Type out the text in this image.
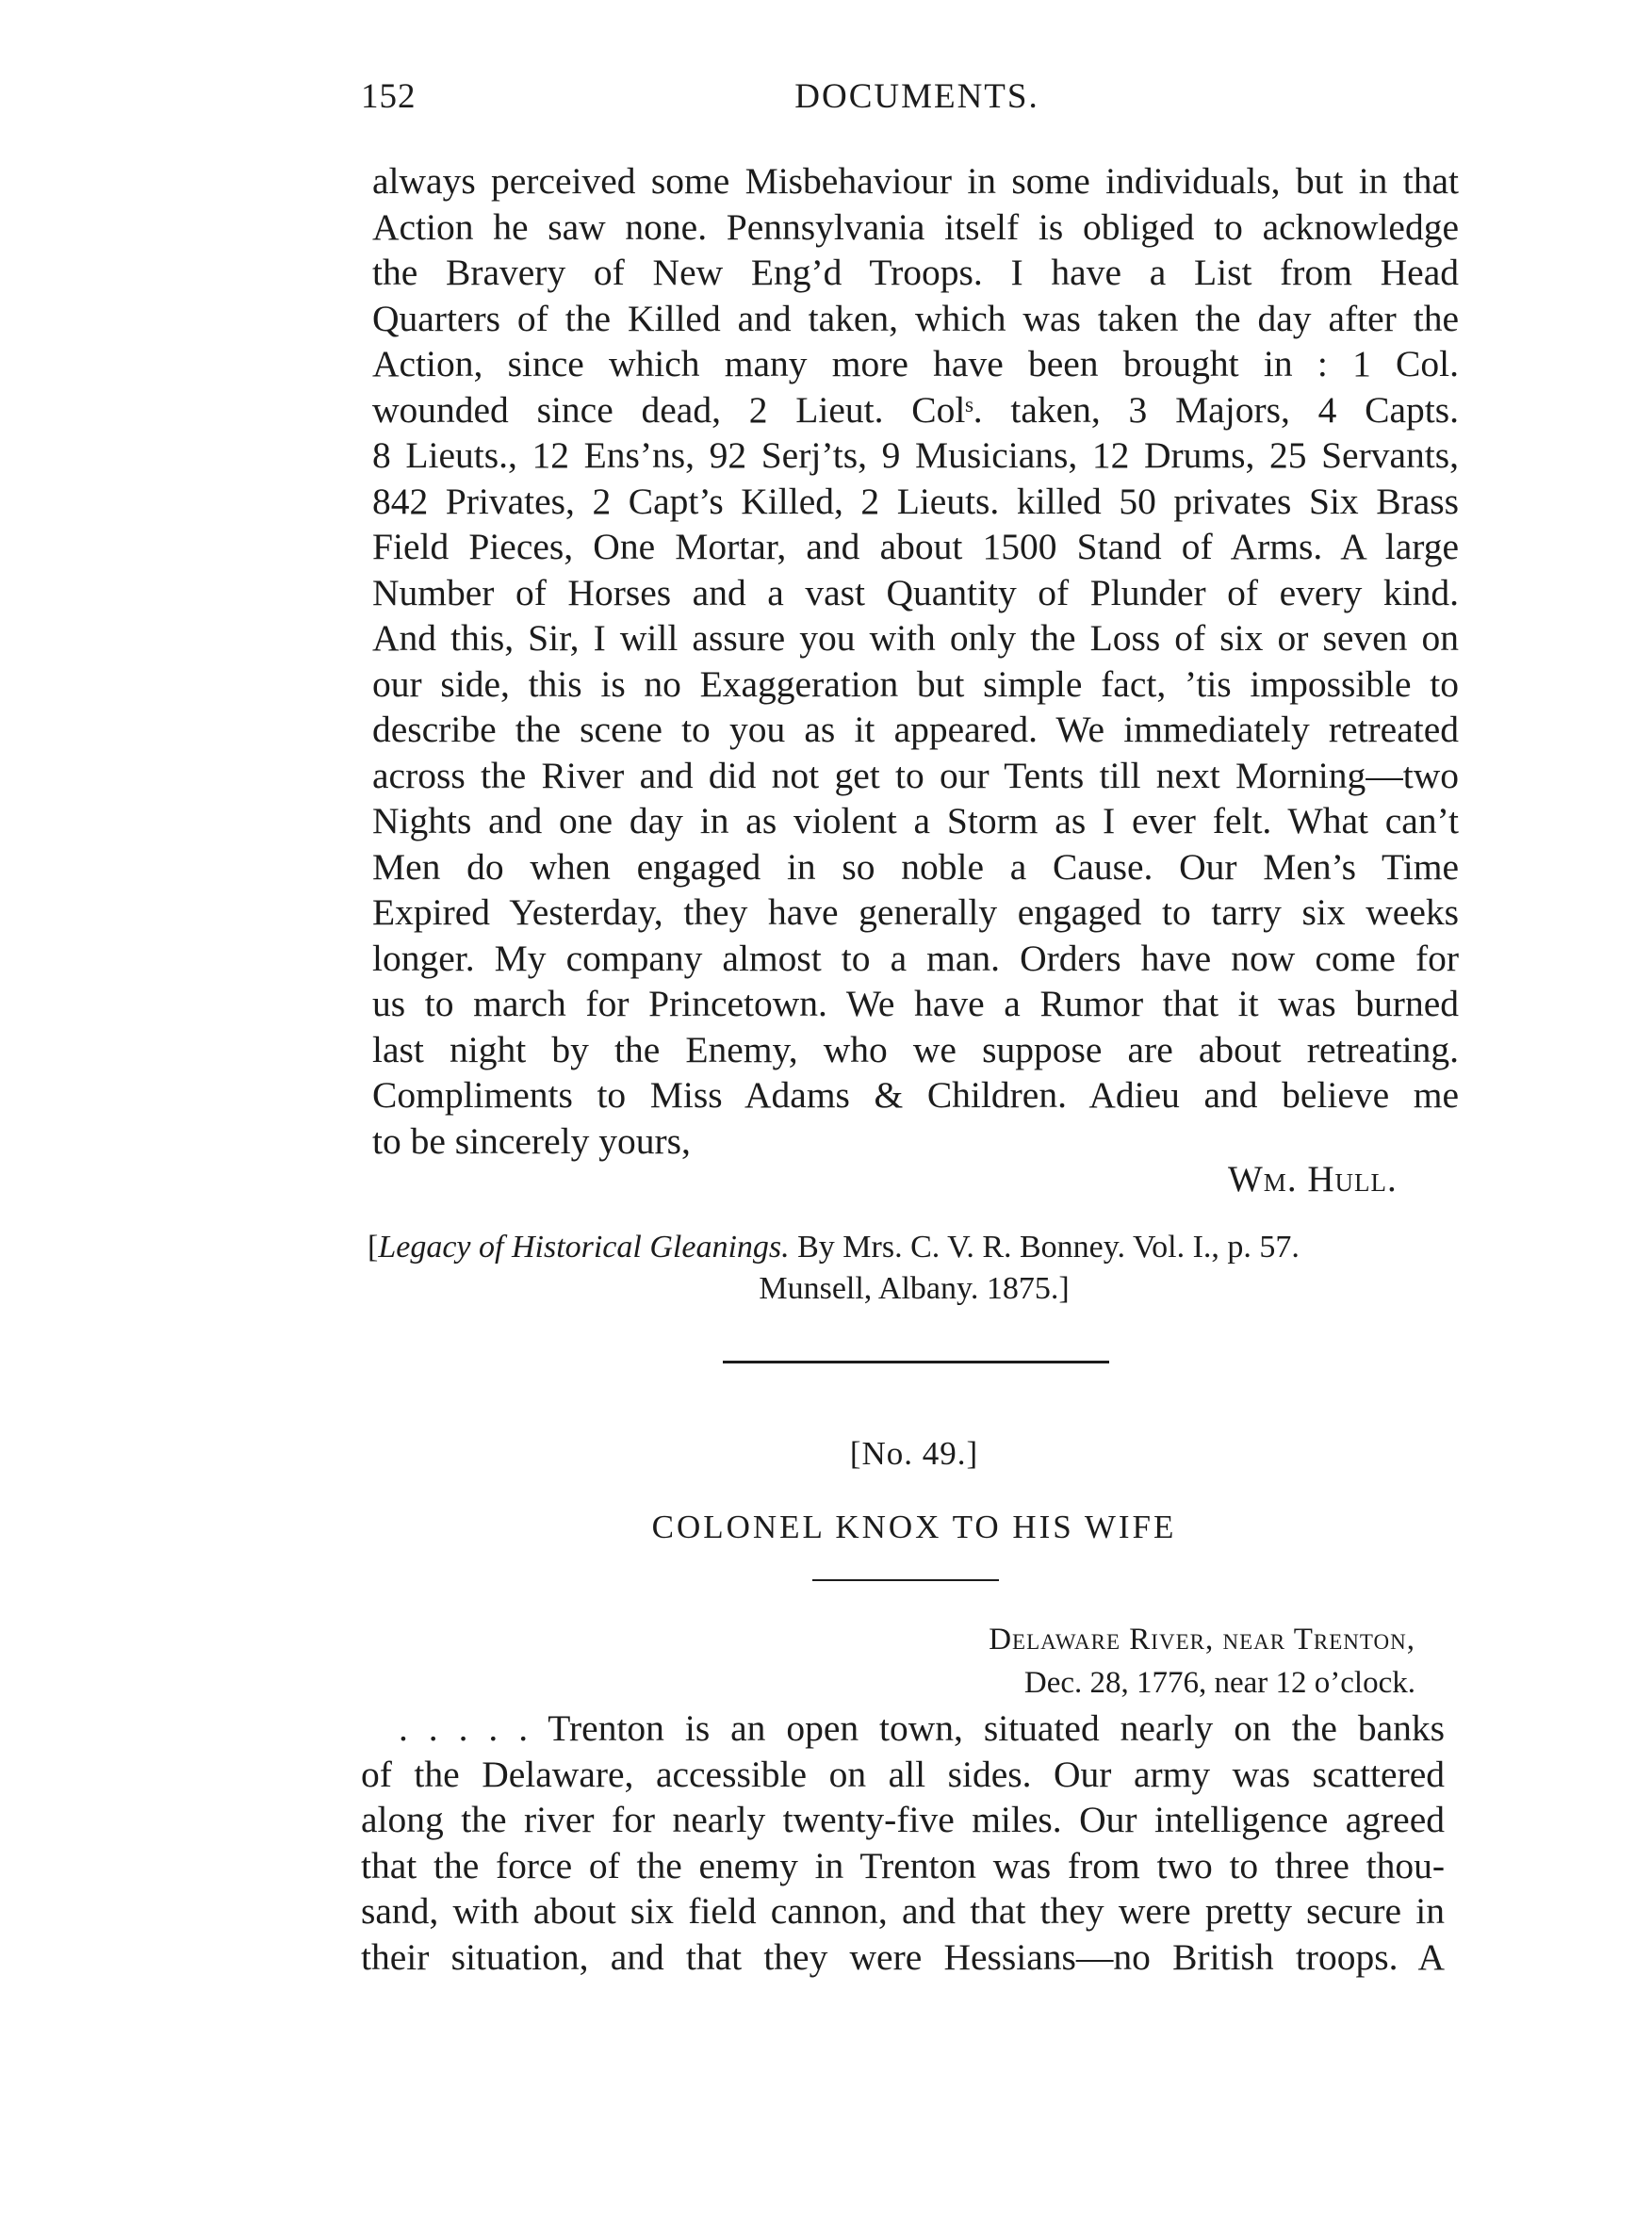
152	DOCUMENTS.
always perceived some Misbehaviour in some individuals, but in that
Action he saw none. Pennsylvania itself is obliged to acknowledge
the Bravery of New Eng’d Troops. I have a List from Head
Quarters of the Killed and taken, which was taken the day after the
Action, since which many more have been brought in : 1 Col.
wounded since dead, 2 Lieut. Colˢ. taken, 3 Majors, 4 Capts.
8 Lieuts., 12 Ens’ns, 92 Serj’ts, 9 Musicians, 12 Drums, 25 Servants,
842 Privates, 2 Capt’s Killed, 2 Lieuts. killed 50 privates Six Brass
Field Pieces, One Mortar, and about 1500 Stand of Arms. A large
Number of Horses and a vast Quantity of Plunder of every kind.
And this, Sir, I will assure you with only the Loss of six or seven on
our side, this is no Exaggeration but simple fact, ’tis impossible to
describe the scene to you as it appeared. We immediately retreated
across the River and did not get to our Tents till next Morning—two
Nights and one day in as violent a Storm as I ever felt. What can’t
Men do when engaged in so noble a Cause. Our Men’s Time
Expired Yesterday, they have generally engaged to tarry six weeks
longer. My company almost to a man. Orders have now come for
us to march for Princetown. We have a Rumor that it was burned
last night by the Enemy, who we suppose are about retreating.
Compliments to Miss Adams & Children. Adieu and believe me
to be sincerely yours,
Wm. Hull.
[Legacy of Historical Gleanings. By Mrs. C. V. R. Bonney. Vol. I., p. 57.
Munsell, Albany. 1875.]
[No. 49.]
COLONEL KNOX TO HIS WIFE
Delaware River, near Trenton,
Dec. 28, 1776, near 12 o’clock.
. . . . . Trenton is an open town, situated nearly on the banks
of the Delaware, accessible on all sides. Our army was scattered
along the river for nearly twenty-five miles. Our intelligence agreed
that the force of the enemy in Trenton was from two to three thou-
sand, with about six field cannon, and that they were pretty secure in
their situation, and that they were Hessians—no British troops. A
